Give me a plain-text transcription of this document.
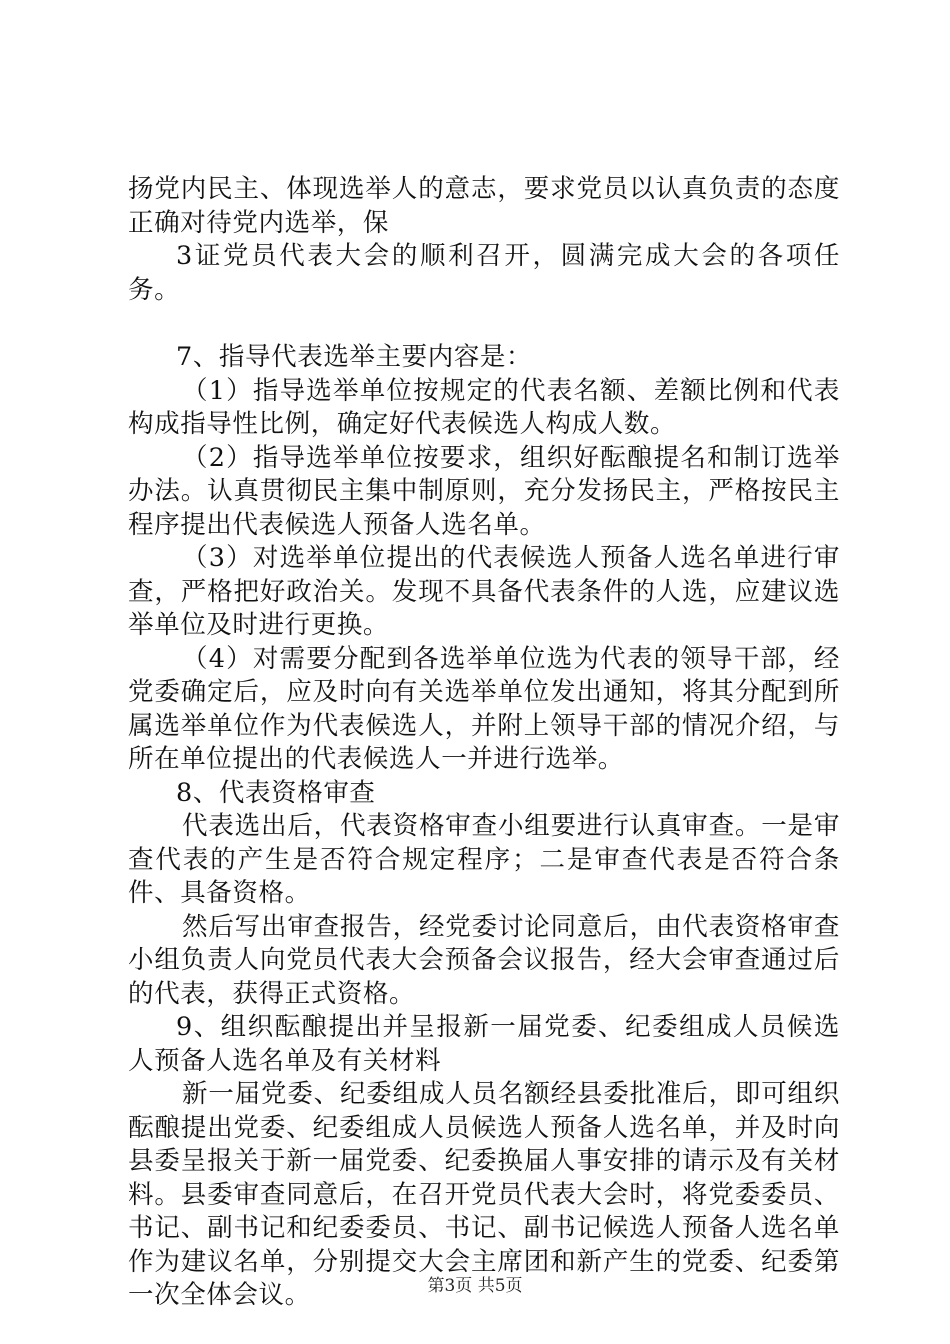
扬党内民主、体现选举人的意志，要求党员以认真负责的态度正确对待党内选举，保

3证党员代表大会的顺利召开，圆满完成大会的各项任务。

7、指导代表选举主要内容是：

（1）指导选举单位按规定的代表名额、差额比例和代表构成指导性比例，确定好代表候选人构成人数。

（2）指导选举单位按要求，组织好酝酿提名和制订选举办法。认真贯彻民主集中制原则，充分发扬民主，严格按民主程序提出代表候选人预备人选名单。

（3）对选举单位提出的代表候选人预备人选名单进行审查，严格把好政治关。发现不具备代表条件的人选，应建议选举单位及时进行更换。

（4）对需要分配到各选举单位选为代表的领导干部，经党委确定后，应及时向有关选举单位发出通知，将其分配到所属选举单位作为代表候选人，并附上领导干部的情况介绍，与所在单位提出的代表候选人一并进行选举。

8、代表资格审查

代表选出后，代表资格审查小组要进行认真审查。一是审查代表的产生是否符合规定程序；二是审查代表是否符合条件、具备资格。

然后写出审查报告，经党委讨论同意后，由代表资格审查小组负责人向党员代表大会预备会议报告，经大会审查通过后的代表，获得正式资格。

9、组织酝酿提出并呈报新一届党委、纪委组成人员候选人预备人选名单及有关材料

新一届党委、纪委组成人员名额经县委批准后，即可组织酝酿提出党委、纪委组成人员候选人预备人选名单，并及时向县委呈报关于新一届党委、纪委换届人事安排的请示及有关材料。县委审查同意后，在召开党员代表大会时，将党委委员、书记、副书记和纪委委员、书记、副书记候选人预备人选名单作为建议名单，分别提交大会主席团和新产生的党委、纪委第一次全体会议。	第3页 共5页
